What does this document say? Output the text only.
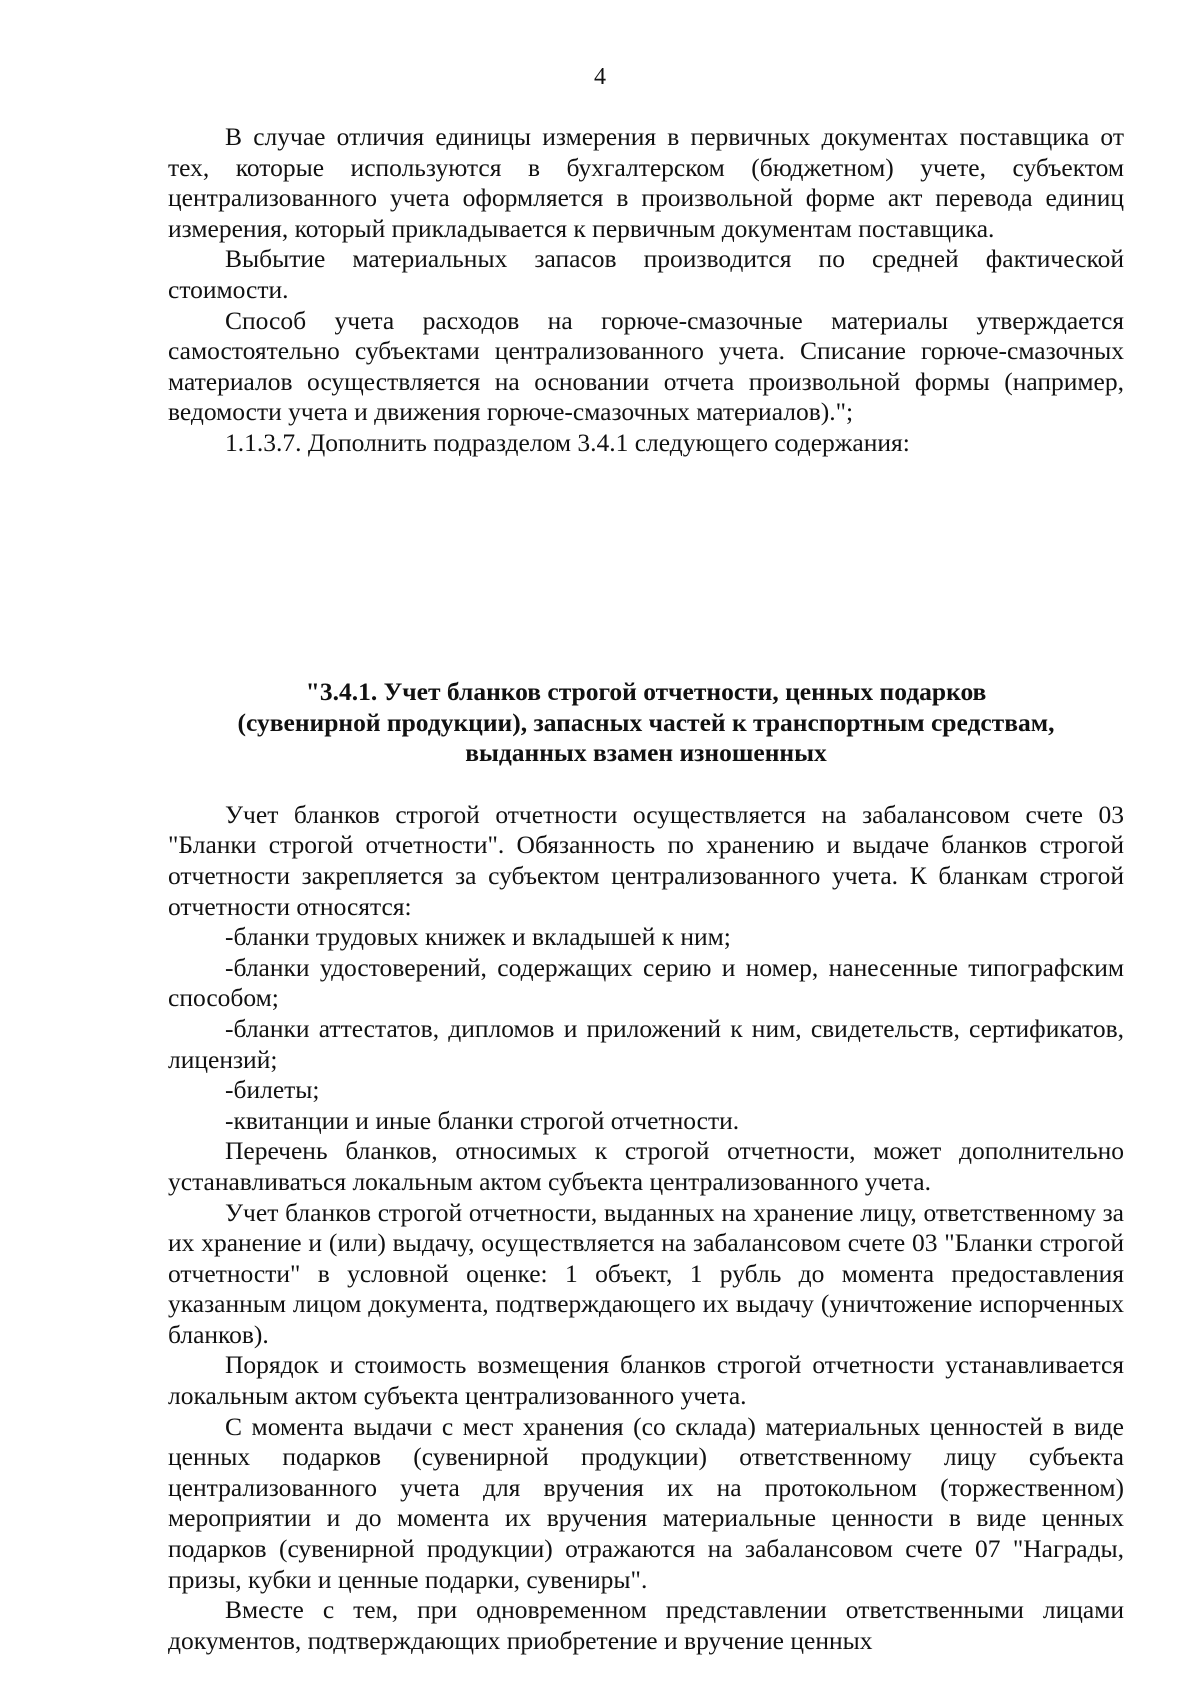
4

В случае отличия единицы измерения в первичных документах поставщика от тех, которые используются в бухгалтерском (бюджетном) учете, субъектом централизованного учета оформляется в произвольной форме акт перевода единиц измерения, который прикладывается к первичным документам поставщика.

Выбытие материальных запасов производится по средней фактической стоимости.

Способ учета расходов на горюче-смазочные материалы утверждается самостоятельно субъектами централизованного учета. Списание горюче-смазочных материалов осуществляется на основании отчета произвольной формы (например, ведомости учета и движения горюче-смазочных материалов).";

1.1.3.7. Дополнить подразделом 3.4.1 следующего содержания:

"3.4.1. Учет бланков строгой отчетности, ценных подарков
(сувенирной продукции), запасных частей к транспортным средствам,
выданных взамен изношенных

Учет бланков строгой отчетности осуществляется на забалансовом счете 03 "Бланки строгой отчетности". Обязанность по хранению и выдаче бланков строгой отчетности закрепляется за субъектом централизованного учета. К бланкам строгой отчетности относятся:

-бланки трудовых книжек и вкладышей к ним;

-бланки удостоверений, содержащих серию и номер, нанесенные типографским способом;

-бланки аттестатов, дипломов и приложений к ним, свидетельств, сертификатов, лицензий;

-билеты;

-квитанции и иные бланки строгой отчетности.

Перечень бланков, относимых к строгой отчетности, может дополнительно устанавливаться локальным актом субъекта централизованного учета.

Учет бланков строгой отчетности, выданных на хранение лицу, ответственному за их хранение и (или) выдачу, осуществляется на забалансовом счете 03 "Бланки строгой отчетности" в условной оценке: 1 объект, 1 рубль до момента предоставления указанным лицом документа, подтверждающего их выдачу (уничтожение испорченных бланков).

Порядок и стоимость возмещения бланков строгой отчетности устанавливается локальным актом субъекта централизованного учета.

С момента выдачи с мест хранения (со склада) материальных ценностей в виде ценных подарков (сувенирной продукции) ответственному лицу субъекта централизованного учета для вручения их на протокольном (торжественном) мероприятии и до момента их вручения материальные ценности в виде ценных подарков (сувенирной продукции) отражаются на забалансовом счете 07 "Награды, призы, кубки и ценные подарки, сувениры".

Вместе с тем, при одновременном представлении ответственными лицами документов, подтверждающих приобретение и вручение ценных
